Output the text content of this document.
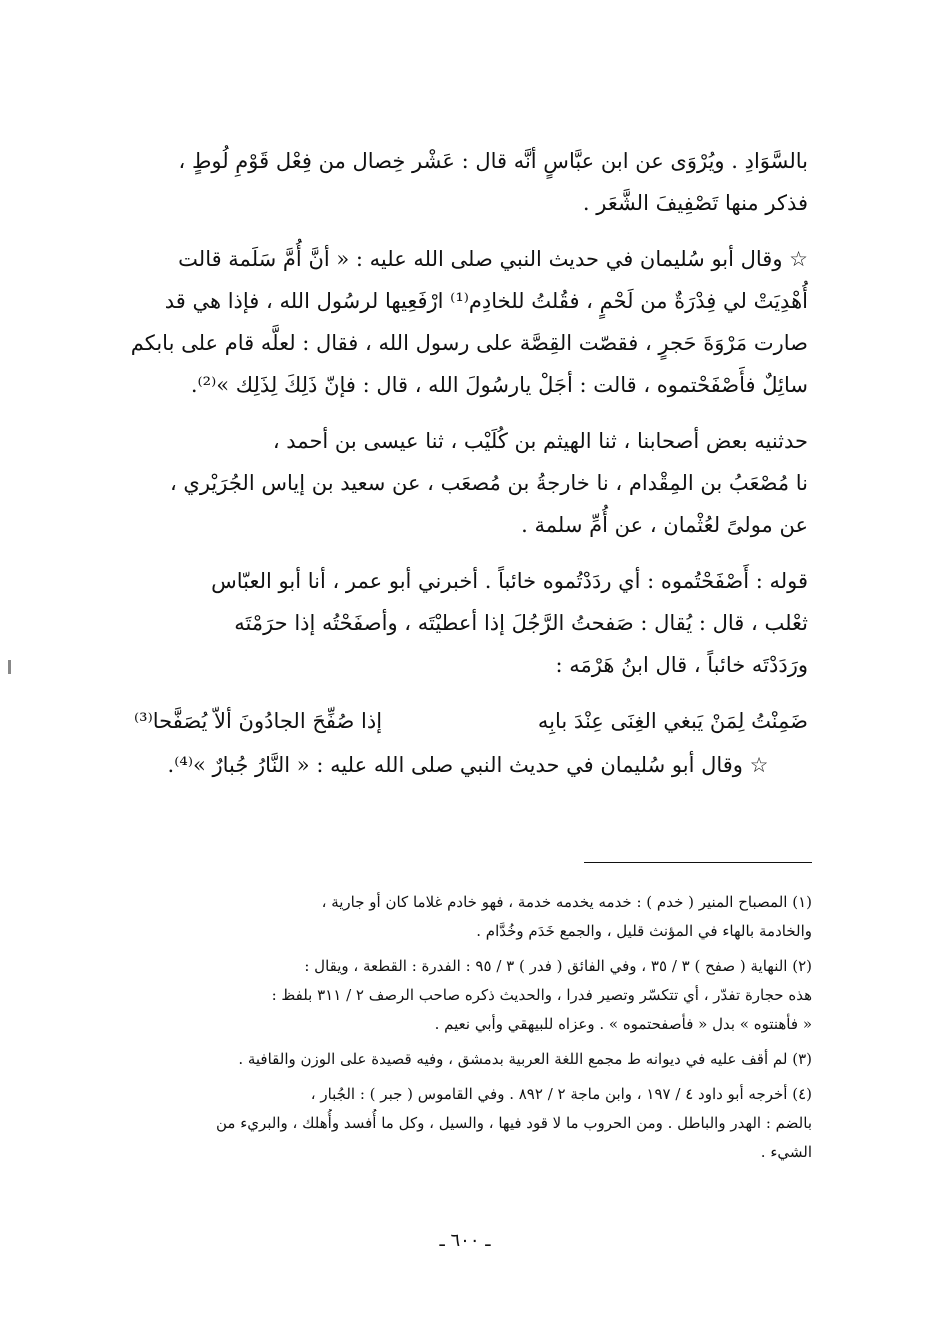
بالسَّوَادِ . ويُرْوَى عن ابن عبَّاسٍ أنَّه قال : عَشْر خِصال من فِعْل قَوْمِ لُوطٍ ،
فذكر منها تَصْفِيفَ الشَّعَر .

☆ وقال أبو سُليمان في حديث النبي صلى الله عليه : « أنَّ أُمَّ سَلَمة قالت
أُهْدِيَتْ لي فِدْرَةٌ من لَحْمٍ ، فقُلتُ للخادِم⁽¹⁾ ارْفَعِيها لرسُول الله ، فإذا هي قد
صارت مَرْوَةَ حَجرٍ ، فقصّت القِصَّة على رسول الله ، فقال : لعلَّه قام على بابكم
سائِلٌ فأَصْفَحْتموه ، قالت : أجَلْ يارسُولَ الله ، قال : فإنّ ذَلِكَ لِذَلِك »⁽²⁾.

حدثنيه بعض أصحابنا ، ثنا الهيثم بن كُلَيْب ، ثنا عيسى بن أحمد ،
نا مُصْعَبُ بن المِقْدام ، نا خارجةُ بن مُصعَب ، عن سعيد بن إياس الجُرَيْري ،
عن مولىً لعُثْمان ، عن أُمِّ سلمة .

قوله : أَصْفَحْتُموه : أي ردَدْتُموه خائباً . أخبرني أبو عمر ، أنا أبو العبّاس
ثعْلب ، قال : يُقال : صَفحتُ الرَّجُلَ إذا أعطيْتَه ، وأصفَحْتُه إذا حرَمْتَه
ورَدَدْتَه خائباً ، قال ابنُ هَرْمَه :

ضَمِنْتُ لِمَنْ يَبغي الغِنَى عِنْدَ بابِه
إذا صُفِّحَ الجادُونَ ألاّ يُصَفَّحا⁽³⁾

☆ وقال أبو سُليمان في حديث النبي صلى الله عليه : « النَّارُ جُبارٌ »⁽⁴⁾.

(١) المصباح المنير ( خدم ) : خدمه يخدمه خدمة ، فهو خادم غلاما كان أو جارية ،
والخادمة بالهاء في المؤنث قليل ، والجمع خَدَم وخُدَّام .
(٢) النهاية ( صفح ) ٣ / ٣٥ ، وفي الفائق ( فدر ) ٣ / ٩٥ : الفدرة : القطعة ، ويقال :
هذه حجارة تفدّر ، أي تتكسّر وتصير فدرا ، والحديث ذكره صاحب الرصف ٢ / ٣١١ بلفظ :
« فأهنتوه » بدل « فأصفحتموه » . وعزاه للبيهقي وأبي نعيم .
(٣) لم أقف عليه في ديوانه ط مجمع اللغة العربية بدمشق ، وفيه قصيدة على الوزن والقافية .
(٤) أخرجه أبو داود ٤ / ١٩٧ ، وابن ماجة ٢ / ٨٩٢ . وفي القاموس ( جبر ) : الجُبار ،
بالضم : الهدر والباطل . ومن الحروب ما لا قود فيها ، والسيل ، وكل ما أُفسد وأُهلك ، والبريء من
الشيء .
ـ ٦٠٠ ـ
